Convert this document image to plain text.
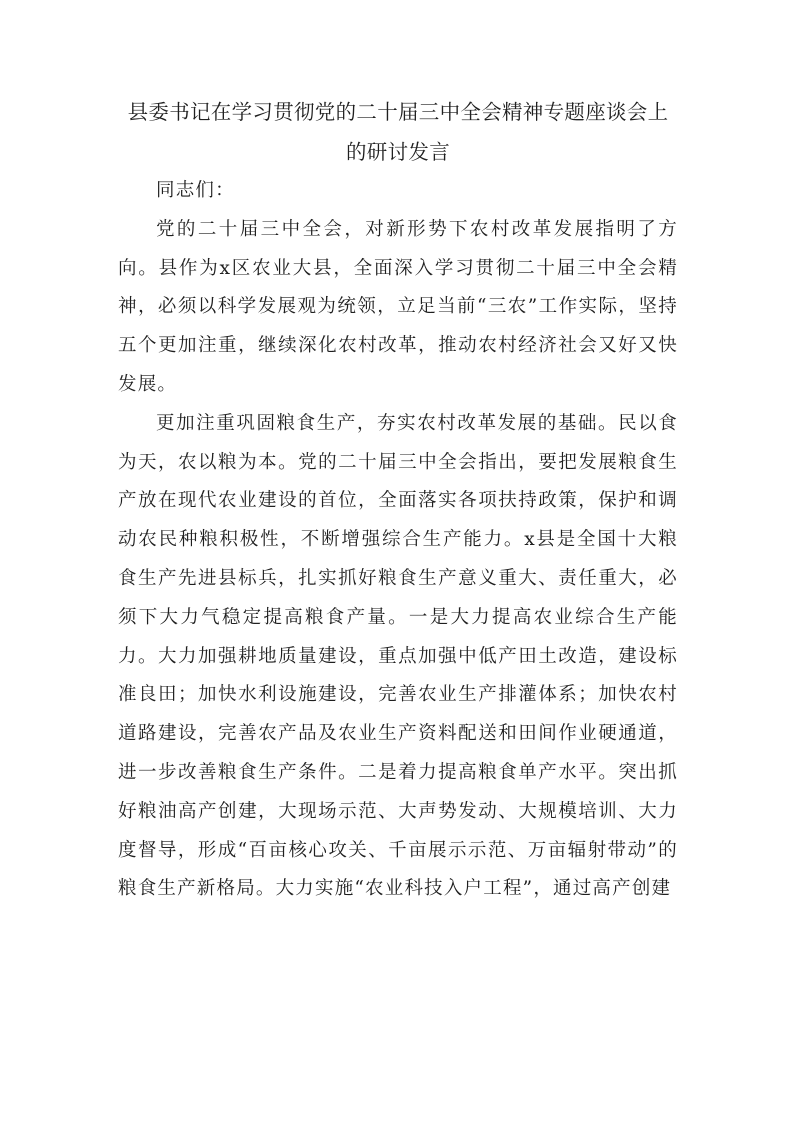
县委书记在学习贯彻党的二十届三中全会精神专题座谈会上的研讨发言

同志们：

党的二十届三中全会，对新形势下农村改革发展指明了方向。县作为x区农业大县，全面深入学习贯彻二十届三中全会精神，必须以科学发展观为统领，立足当前“三农”工作实际，坚持五个更加注重，继续深化农村改革，推动农村经济社会又好又快发展。

更加注重巩固粮食生产，夯实农村改革发展的基础。民以食为天，农以粮为本。党的二十届三中全会指出，要把发展粮食生产放在现代农业建设的首位，全面落实各项扶持政策，保护和调动农民种粮积极性，不断增强综合生产能力。x县是全国十大粮食生产先进县标兵，扎实抓好粮食生产意义重大、责任重大，必须下大力气稳定提高粮食产量。一是大力提高农业综合生产能力。大力加强耕地质量建设，重点加强中低产田土改造，建设标准良田；加快水利设施建设，完善农业生产排灌体系；加快农村道路建设，完善农产品及农业生产资料配送和田间作业硬通道，进一步改善粮食生产条件。二是着力提高粮食单产水平。突出抓好粮油高产创建，大现场示范、大声势发动、大规模培训、大力度督导，形成“百亩核心攻关、千亩展示示范、万亩辐射带动”的粮食生产新格局。大力实施“农业科技入户工程”，通过高产创建
